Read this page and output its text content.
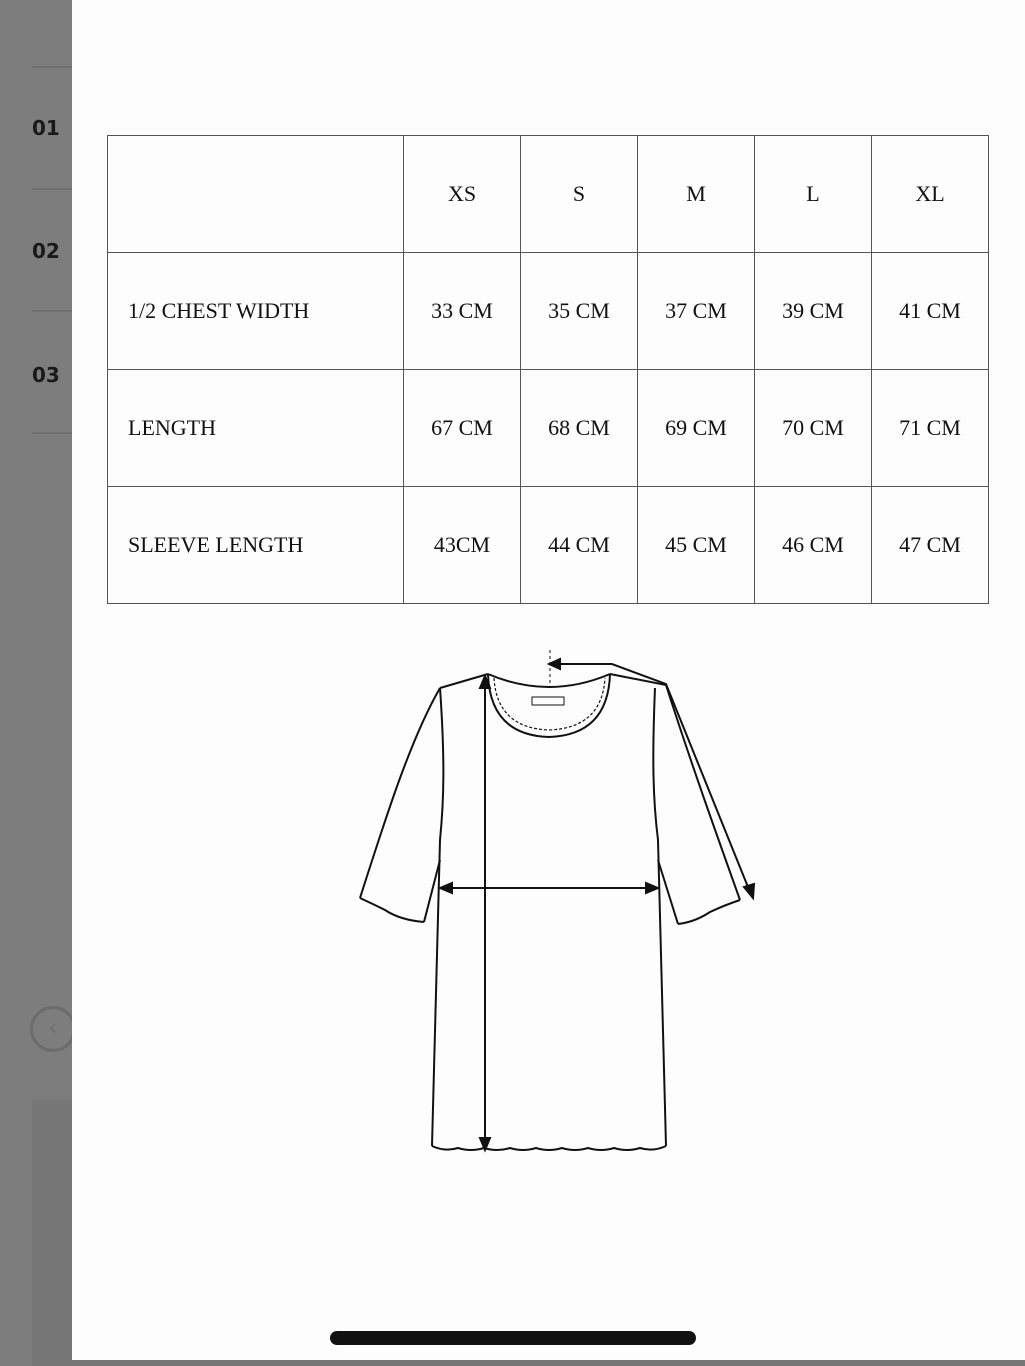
01
02
03
‹
	XS	S	M	L	XL
1/2 CHEST WIDTH	33 CM	35 CM	37 CM	39 CM	41 CM
LENGTH	67 CM	68 CM	69 CM	70 CM	71 CM
SLEEVE LENGTH	43CM	44 CM	45 CM	46 CM	47 CM
